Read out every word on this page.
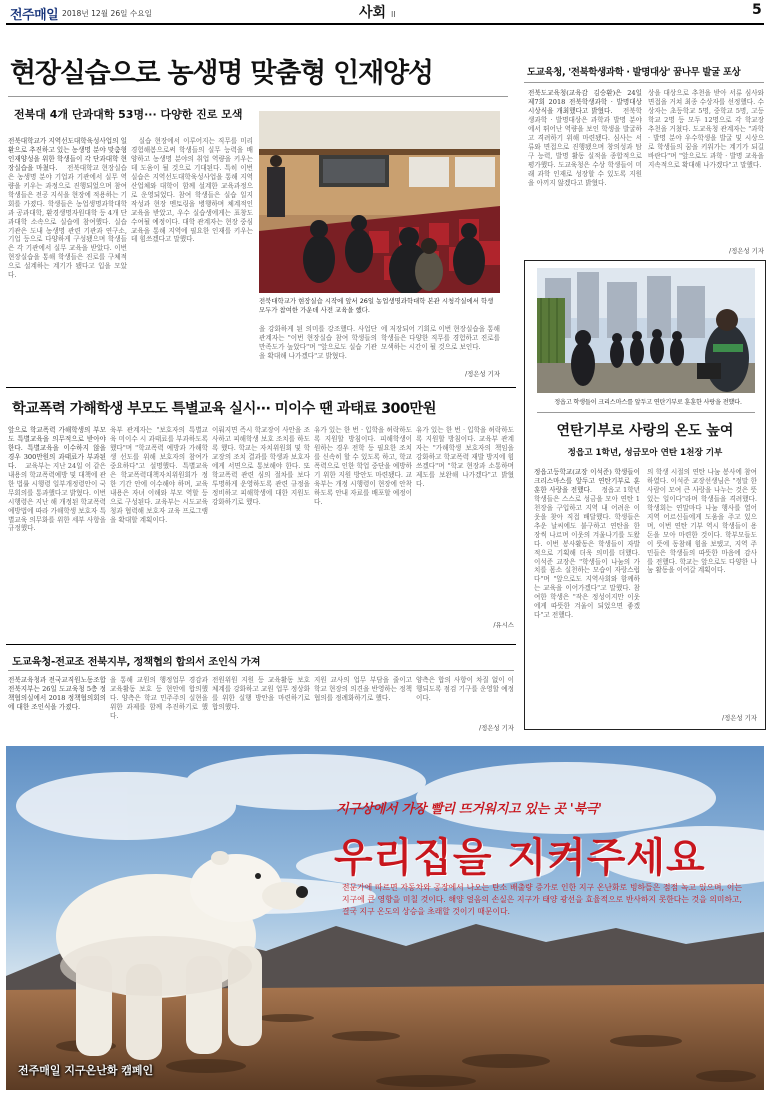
전주매일 2018년 12월 26일 수요일	사회 II	5
현장실습으로 농생명 맞춤형 인재양성
전북대 4개 단과대학 53명··· 다양한 진로 모색
전북대학교가 지역선도대학육성사업의 일환으로 추진하고 있는 농생명 분야 맞춤형 인재양성을 위한 학생들이 각 단과대학 현장실습을 마쳤다. 　전북대학교 현장실습은 농생명 분야 기업과 기관에서 실무 역량을 키우는 과정으로 진행되었으며 참여 학생들은 전공 지식을 현장에 적용하는 기회를 가졌다. 학생들은 농업생명과학대학과 공과대학, 환경생명자원대학 등 4개 단과대학 소속으로 실습에 참여했다. 실습 기관은 도내 농생명 관련 기관과 연구소, 기업 등으로 다양하게 구성됐으며 학생들은 각 기관에서 실무 교육을 받았다. 이번 현장실습을 통해 학생들은 진로를 구체적으로 설계하는 계기가 됐다고 입을 모았다.
　실습 현장에서 이루어지는 직무를 미리 경험해봄으로써 학생들의 실무 능력을 배양하고 농생명 분야의 취업 역량을 키우는 데 도움이 될 것으로 기대된다. 특히 이번 실습은 지역선도대학육성사업을 통해 지역 산업체와 대학이 함께 설계한 교육과정으로 운영되었다. 참여 학생들은 실습 일지 작성과 현장 멘토링을 병행하며 체계적인 교육을 받았고, 우수 실습생에게는 표창도 수여될 예정이다. 대학 관계자는 현장 중심 교육을 통해 지역에 필요한 인재를 키우는 데 힘쓰겠다고 말했다.
전북대학교가 현장실습 시작에 앞서 26일 농업생명과학대학 본관 시청각실에서 학생 모두가 참여한 가운데 사전 교육을 했다.
을 강화하게 된 의미를 강조했다. 사업단 관계자는 "이번 현장실습 참여 학생들의 만족도가 높았다"며 "앞으로도 실습 기관을 확대해 나가겠다"고 밝혔다.
에 저장되어 기회로 이번 현장실습을 통해 학생들은 다양한 직무를 경험하고 진로를 모색하는 시간이 될 것으로 보인다.
/정은성 기자
도교육청, '전북학생과학 · 발명대상' 꿈나무 발굴 포상
전북도교육청(교육감 김승환)은 24일 제7회 2018 전북학생과학 · 발명대상 시상식을 개최했다고 밝혔다. 　전북학생과학 · 발명대상은 과학과 발명 분야에서 뛰어난 역량을 보인 학생을 발굴하고 격려하기 위해 마련됐다. 심사는 서류와 면접으로 진행됐으며 창의성과 탐구 능력, 발명 활동 실적을 종합적으로 평가했다. 도교육청은 수상 학생들이 미래 과학 인재로 성장할 수 있도록 지원을 아끼지 않겠다고 밝혔다.
상을 대상으로 추천을 받아 서류 심사와 면접을 거쳐 최종 수상자를 선정했다. 수상자는 초등학교 5명, 중학교 5명, 고등학교 2명 등 모두 12명으로 각 학교장 추천을 거쳤다. 도교육청 관계자는 "과학 · 발명 분야 우수학생을 발굴 및 시상으로 학생들의 꿈을 키워가는 계기가 되길 바란다"며 "앞으로도 과학 · 발명 교육을 지속적으로 확대해 나가겠다"고 말했다.
/정은성 기자
정읍고 학생들이 크리스마스를 앞두고 연탄기부로 훈훈한 사랑을 전했다.
연탄기부로 사랑의 온도 높여
정읍고 1학년, 성금모아 연탄 1천장 기부
정읍고등학교(교장 이석준) 학생들이 크리스마스를 앞두고 연탄기부로 훈훈한 사랑을 전했다. 　정읍고 1학년 학생들은 스스로 성금을 모아 연탄 1천장을 구입하고 지역 내 어려운 이웃을 찾아 직접 배달했다. 학생들은 추운 날씨에도 불구하고 연탄을 한 장씩 나르며 이웃의 겨울나기를 도왔다. 이번 봉사활동은 학생들이 자발적으로 기획해 더욱 의미를 더했다. 이석준 교장은 "학생들이 나눔의 가치를 몸소 실천하는 모습이 자랑스럽다"며 "앞으로도 지역사회와 함께하는 교육을 이어가겠다"고 말했다. 참여한 학생은 "작은 정성이지만 이웃에게 따뜻한 겨울이 되었으면 좋겠다"고 전했다.
의 학생 시절의 연탄 나눔 봉사에 참여하였다. 이석준 교장선생님은 "정말 한 사람이 모여 큰 사랑을 나누는 것은 뜻있는 일이다"라며 학생들을 격려했다. 학생회는 연말마다 나눔 행사를 열어 지역 어르신들에게 도움을 주고 있으며, 이번 연탄 기부 역시 학생들이 용돈을 모아 마련한 것이다. 학부모들도 이 뜻에 동참해 힘을 보탰고, 지역 주민들은 학생들의 따뜻한 마음에 감사를 전했다. 학교는 앞으로도 다양한 나눔 활동을 이어갈 계획이다.
/정은성 기자
학교폭력 가해학생 부모도 특별교육 실시··· 미이수 땐 과태료 300만원
앞으로 학교폭력 가해학생의 부모도 특별교육을 의무적으로 받아야 한다. 특별교육을 이수하지 않을 경우 300만원의 과태료가 부과된다. 　교육부는 지난 24일 이 같은 내용의 학교폭력예방 및 대책에 관한 법률 시행령 일부개정령안이 국무회의를 통과했다고 밝혔다. 이번 시행령은 지난 해 개정된 학교폭력예방법에 따라 가해학생 보호자 특별교육 의무화를 위한 세부 사항을 규정했다.
육부 관계자는 "보호자의 특별교육 미이수 시 과태료를 부과하도록 했다"며 "학교폭력 예방과 가해학생 선도를 위해 보호자의 참여가 중요하다"고 설명했다. 특별교육은 학교폭력대책자치위원회가 정한 기간 안에 이수해야 하며, 교육 내용은 자녀 이해와 부모 역할 등으로 구성된다. 교육부는 시도교육청과 협력해 보호자 교육 프로그램을 확대할 계획이다.
이뤄지면 즉시 학교장이 사안을 조사하고 피해학생 보호 조치를 하도록 했다. 학교는 자치위원회 및 학교장의 조치 결과를 학생과 보호자에게 서면으로 통보해야 한다. 또 학교폭력 관련 심의 절차를 보다 투명하게 운영하도록 관련 규정을 정비하고 피해학생에 대한 지원도 강화하기로 했다.
유가 있는 한 번 · 입학을 허락하도록 지원할 방침이다. 피해학생이 원하는 경우 전학 등 필요한 조치를 신속히 할 수 있도록 하고, 학교폭력으로 인한 학업 중단을 예방하기 위한 지원 방안도 마련됐다. 교육부는 개정 시행령이 현장에 안착하도록 안내 자료를 배포할 예정이다.
유가 있는 한 번 · 입학을 허락하도록 지원할 방침이다. 교육부 관계자는 "가해학생 보호자의 책임을 강화하고 학교폭력 재발 방지에 힘쓰겠다"며 "학교 현장과 소통하며 제도를 보완해 나가겠다"고 밝혔다.
/유시스
도교육청-전교조 전북지부, 정책협의 합의서 조인식 가져
전북교육청과 전국교직원노동조합 전북지부는 26일 도교육청 5층 정책협의실에서 2018 정책협의회의에 대한 조인식을 가졌다.
을 통해 교원의 행정업무 경감과 교육활동 보호 등 현안에 합의했다. 양측은 학교 민주주의 실현을 위한 과제를 함께 추진하기로 했다.
전원위원 지원 등 교육활동 보호 체계를 강화하고 교원 업무 정상화를 위한 실행 방안을 마련하기로 합의했다.
지원 교사의 업무 부담을 줄이고 학교 현장의 의견을 반영하는 정책 협의를 정례화하기로 했다.
양측은 합의 사항이 차질 없이 이행되도록 점검 기구를 운영할 예정이다.
/정은성 기자
지구상에서 가장 빨리 뜨거워지고 있는 곳 '북극'
우리집을 지켜주세요
전문가에 따르면 자동차와 공장에서 나오는 탄소 배출량 증가로 인한 지구 온난화로 빙하들은 점점 녹고 있으며, 이는 지구에 큰 영향을 미칠 것이다. 해양 얼음의 손실은 지구가 태양 광선을 효율적으로 반사하지 못한다는 것을 의미하고, 결국 지구 온도의 상승을 초래할 것이기 때문이다.
전주매일 지구온난화 캠페인
